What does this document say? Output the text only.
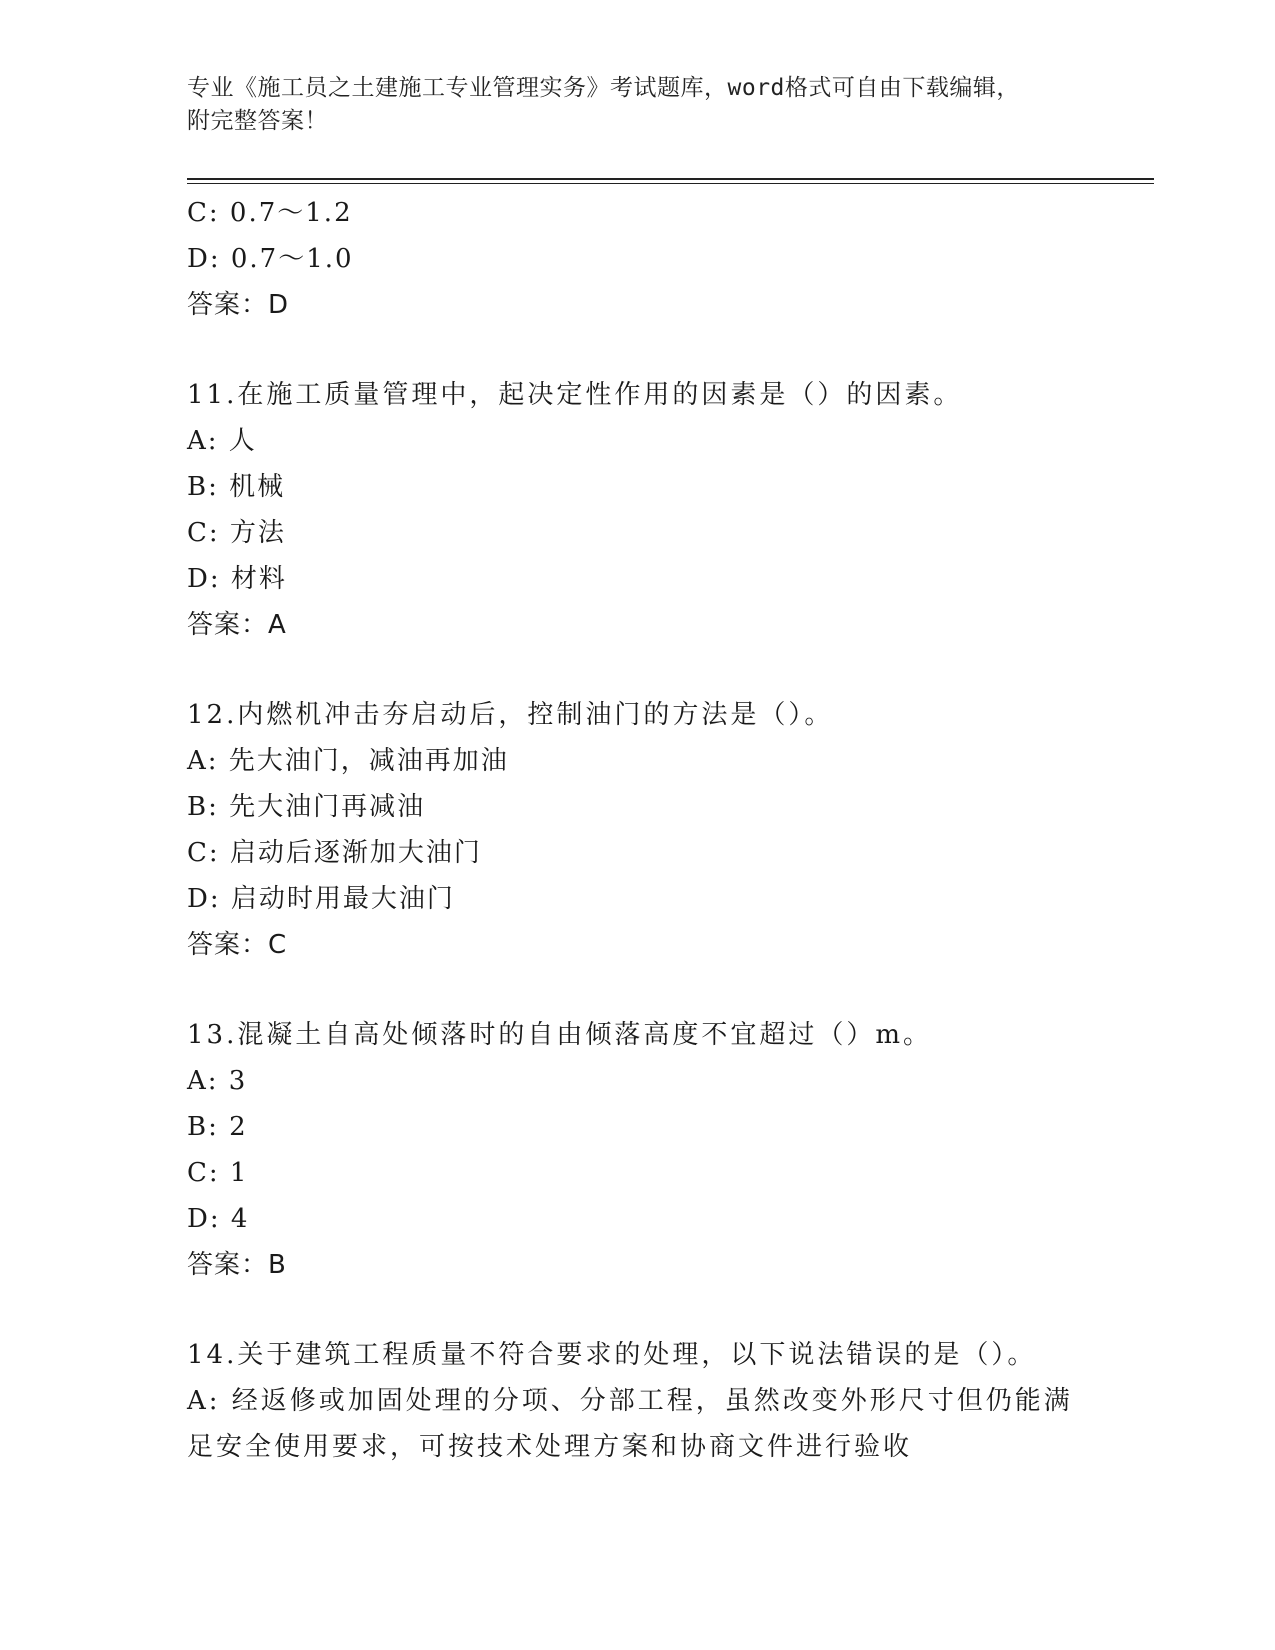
专业《施工员之土建施工专业管理实务》考试题库，word格式可自由下载编辑，
附完整答案！
C: 0.7～1.2
D: 0.7～1.0
答案：D
11.在施工质量管理中，起决定性作用的因素是（）的因素。
A: 人
B: 机械
C: 方法
D: 材料
答案：A
12.内燃机冲击夯启动后，控制油门的方法是（）。
A: 先大油门，减油再加油
B: 先大油门再减油
C: 启动后逐渐加大油门
D: 启动时用最大油门
答案：C
13.混凝土自高处倾落时的自由倾落高度不宜超过（）m。
A: 3
B: 2
C: 1
D: 4
答案：B
14.关于建筑工程质量不符合要求的处理，以下说法错误的是（）。
A: 经返修或加固处理的分项、分部工程，虽然改变外形尺寸但仍能满
足安全使用要求，可按技术处理方案和协商文件进行验收
